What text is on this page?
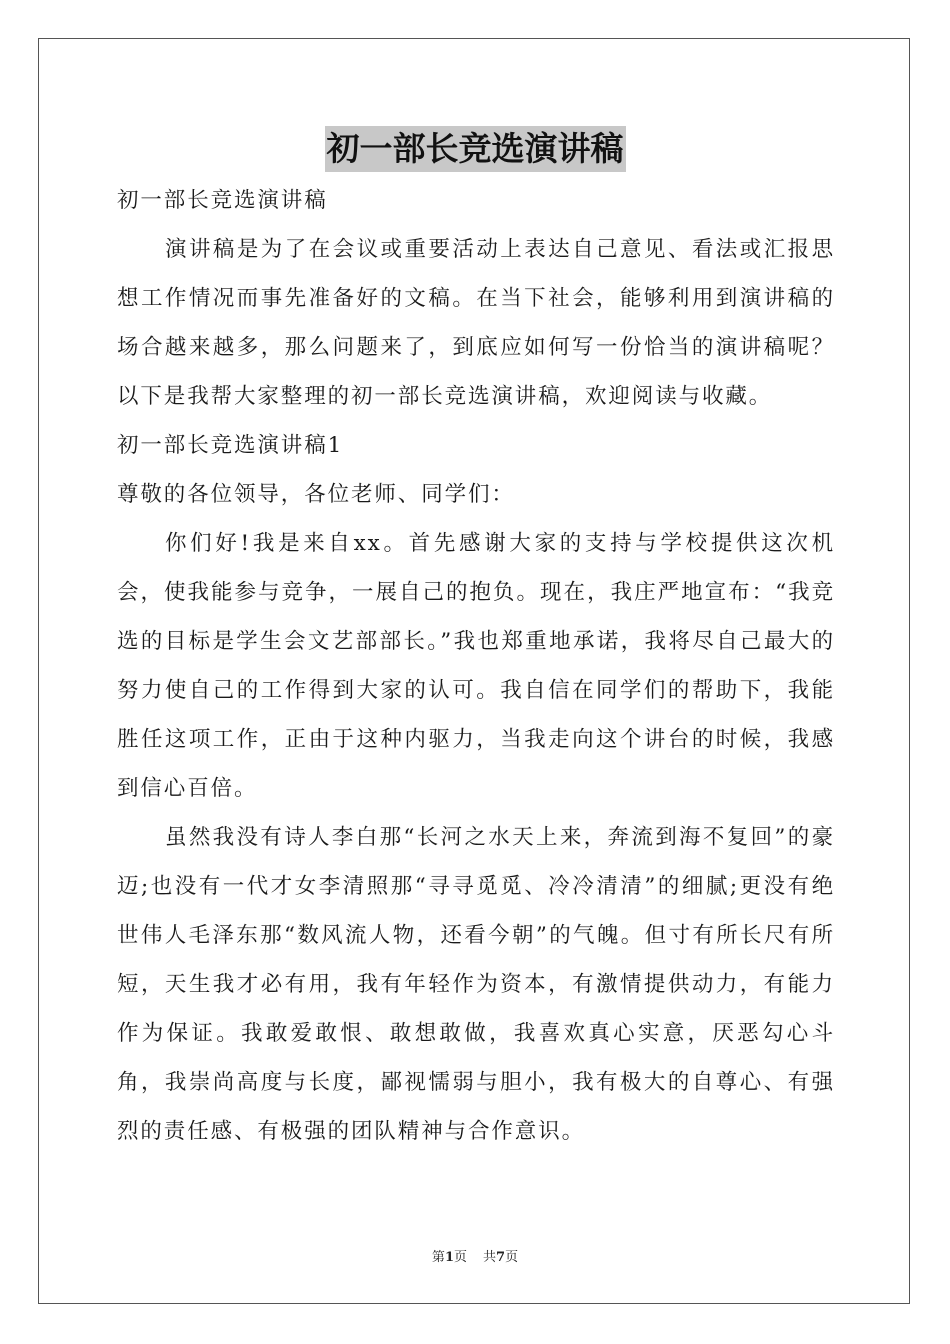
初一部长竞选演讲稿
初一部长竞选演讲稿

演讲稿是为了在会议或重要活动上表达自己意见、看法或汇报思想工作情况而事先准备好的文稿。在当下社会，能够利用到演讲稿的场合越来越多，那么问题来了，到底应如何写一份恰当的演讲稿呢？以下是我帮大家整理的初一部长竞选演讲稿，欢迎阅读与收藏。

初一部长竞选演讲稿1
尊敬的各位领导，各位老师、同学们：

你们好!我是来自xx。首先感谢大家的支持与学校提供这次机会，使我能参与竞争，一展自己的抱负。现在，我庄严地宣布：“我竞选的目标是学生会文艺部部长。”我也郑重地承诺，我将尽自己最大的努力使自己的工作得到大家的认可。我自信在同学们的帮助下，我能胜任这项工作，正由于这种内驱力，当我走向这个讲台的时候，我感到信心百倍。

虽然我没有诗人李白那“长河之水天上来，奔流到海不复回”的豪迈;也没有一代才女李清照那“寻寻觅觅、冷冷清清”的细腻;更没有绝世伟人毛泽东那“数风流人物，还看今朝”的气魄。但寸有所长尺有所短，天生我才必有用，我有年轻作为资本，有激情提供动力，有能力作为保证。我敢爱敢恨、敢想敢做，我喜欢真心实意，厌恶勾心斗角，我崇尚高度与长度，鄙视懦弱与胆小，我有极大的自尊心、有强烈的责任感、有极强的团队精神与合作意识。

第1页 共7页
